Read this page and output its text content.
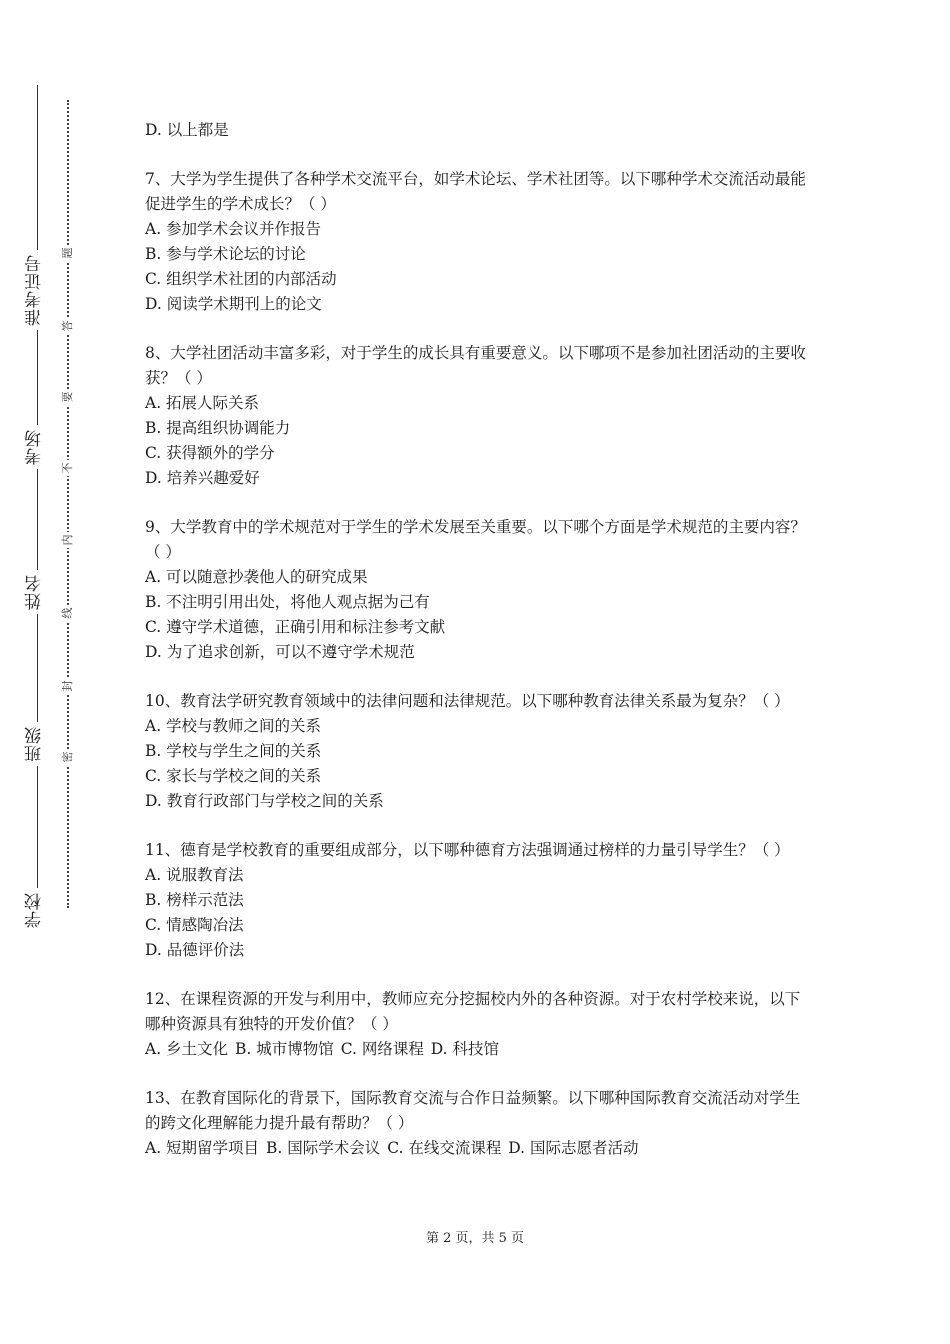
准考证号
考场
姓名
班级
学校
题
答
要
不
内
线
封
密

D. 以上都是

7、大学为学生提供了各种学术交流平台，如学术论坛、学术社团等。以下哪种学术交流活动最能促进学生的学术成长？（ ）

A. 参加学术会议并作报告

B. 参与学术论坛的讨论

C. 组织学术社团的内部活动

D. 阅读学术期刊上的论文

8、大学社团活动丰富多彩，对于学生的成长具有重要意义。以下哪项不是参加社团活动的主要收获？（ ）

A. 拓展人际关系

B. 提高组织协调能力

C. 获得额外的学分

D. 培养兴趣爱好

9、大学教育中的学术规范对于学生的学术发展至关重要。以下哪个方面是学术规范的主要内容？（ ）

A. 可以随意抄袭他人的研究成果

B. 不注明引用出处，将他人观点据为己有

C. 遵守学术道德，正确引用和标注参考文献

D. 为了追求创新，可以不遵守学术规范

10、教育法学研究教育领域中的法律问题和法律规范。以下哪种教育法律关系最为复杂？（ ）

A. 学校与教师之间的关系

B. 学校与学生之间的关系

C. 家长与学校之间的关系

D. 教育行政部门与学校之间的关系

11、德育是学校教育的重要组成部分，以下哪种德育方法强调通过榜样的力量引导学生？（ ）

A. 说服教育法

B. 榜样示范法

C. 情感陶冶法

D. 品德评价法

12、在课程资源的开发与利用中，教师应充分挖掘校内外的各种资源。对于农村学校来说，以下哪种资源具有独特的开发价值？（ ）

A. 乡土文化 B. 城市博物馆 C. 网络课程 D. 科技馆

13、在教育国际化的背景下，国际教育交流与合作日益频繁。以下哪种国际教育交流活动对学生的跨文化理解能力提升最有帮助？（ ）

A. 短期留学项目 B. 国际学术会议 C. 在线交流课程 D. 国际志愿者活动

第 2 页，共 5 页
